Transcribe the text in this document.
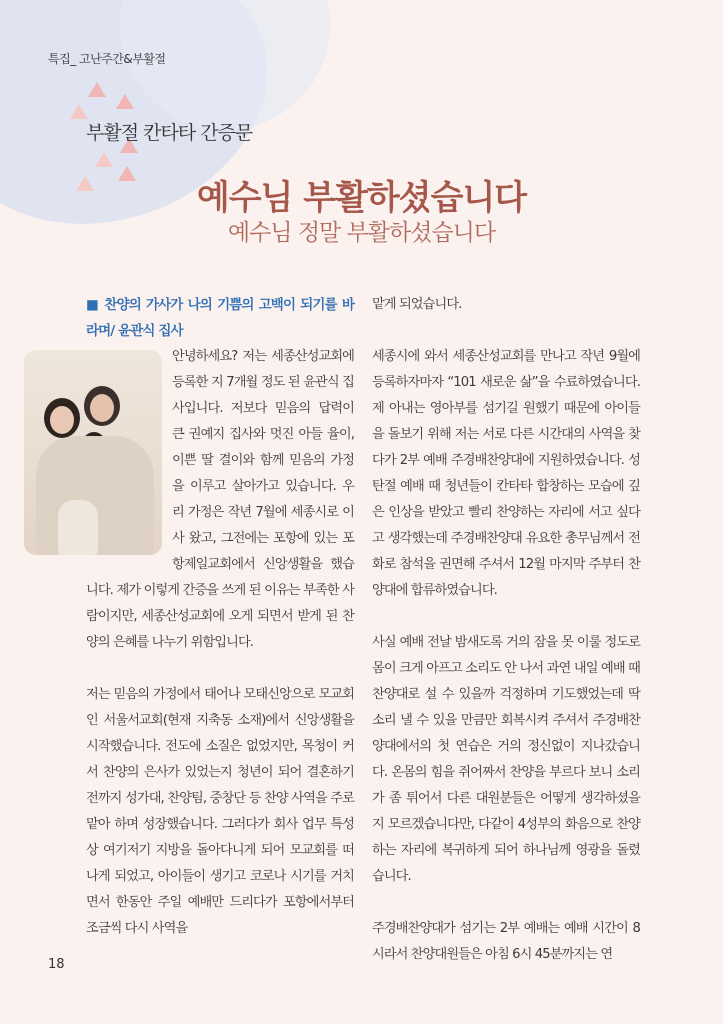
특집_ 고난주간&부활절
부활절 칸타타 간증문
예수님 부활하셨습니다
예수님 정말 부활하셨습니다

■ 찬양의 가사가 나의 기쁨의 고백이 되기를 바라며/ 윤관식 집사

안녕하세요? 저는 세종산성교회에 등록한 지 7개월 정도 된 윤관식 집사입니다. 저보다 믿음의 답력이 큰 권예지 집사와 멋진 아들 율이, 이쁜 딸 결이와 함께 믿음의 가정을 이루고 살아가고 있습니다. 우리 가정은 작년 7월에 세종시로 이사 왔고, 그전에는 포항에 있는 포항제일교회에서 신앙생활을 했습니다. 제가 이렇게 간증을 쓰게 된 이유는 부족한 사람이지만, 세종산성교회에 오게 되면서 받게 된 찬양의 은혜를 나누기 위함입니다.

저는 믿음의 가정에서 태어나 모태신앙으로 모교회인 서울서교회(현재 지축동 소재)에서 신앙생활을 시작했습니다. 전도에 소질은 없었지만, 목청이 커서 찬양의 은사가 있었는지 청년이 되어 결혼하기 전까지 성가대, 찬양팀, 중창단 등 찬양 사역을 주로 맡아 하며 성장했습니다. 그러다가 회사 업무 특성상 여기저기 지방을 돌아다니게 되어 모교회를 떠나게 되었고, 아이들이 생기고 코로나 시기를 거치면서 한동안 주일 예배만 드리다가 포항에서부터 조금씩 다시 사역을

맡게 되었습니다.

세종시에 와서 세종산성교회를 만나고 작년 9월에 등록하자마자 “101 새로운 삶”을 수료하였습니다. 제 아내는 영아부를 섬기길 원했기 때문에 아이들을 돌보기 위해 저는 서로 다른 시간대의 사역을 찾다가 2부 예배 주경배찬양대에 지원하였습니다. 성탄절 예배 때 청년들이 칸타타 합창하는 모습에 깊은 인상을 받았고 빨리 찬양하는 자리에 서고 싶다고 생각했는데 주경배찬양대 유요한 총무님께서 전화로 참석을 권면해 주셔서 12월 마지막 주부터 찬양대에 합류하였습니다.

사실 예배 전날 밤새도록 거의 잠을 못 이룰 정도로 몸이 크게 아프고 소리도 안 나서 과연 내일 예배 때 찬양대로 설 수 있을까 걱정하며 기도했었는데 딱 소리 낼 수 있을 만큼만 회복시켜 주셔서 주경배찬양대에서의 첫 연습은 거의 정신없이 지나갔습니다. 온몸의 힘을 쥐어짜서 찬양을 부르다 보니 소리가 좀 튀어서 다른 대원분들은 어떻게 생각하셨을지 모르겠습니다만, 다같이 4성부의 화음으로 찬양하는 자리에 복귀하게 되어 하나님께 영광을 돌렸습니다.

주경배찬양대가 섬기는 2부 예배는 예배 시간이 8시라서 찬양대원들은 아침 6시 45분까지는 연

18
